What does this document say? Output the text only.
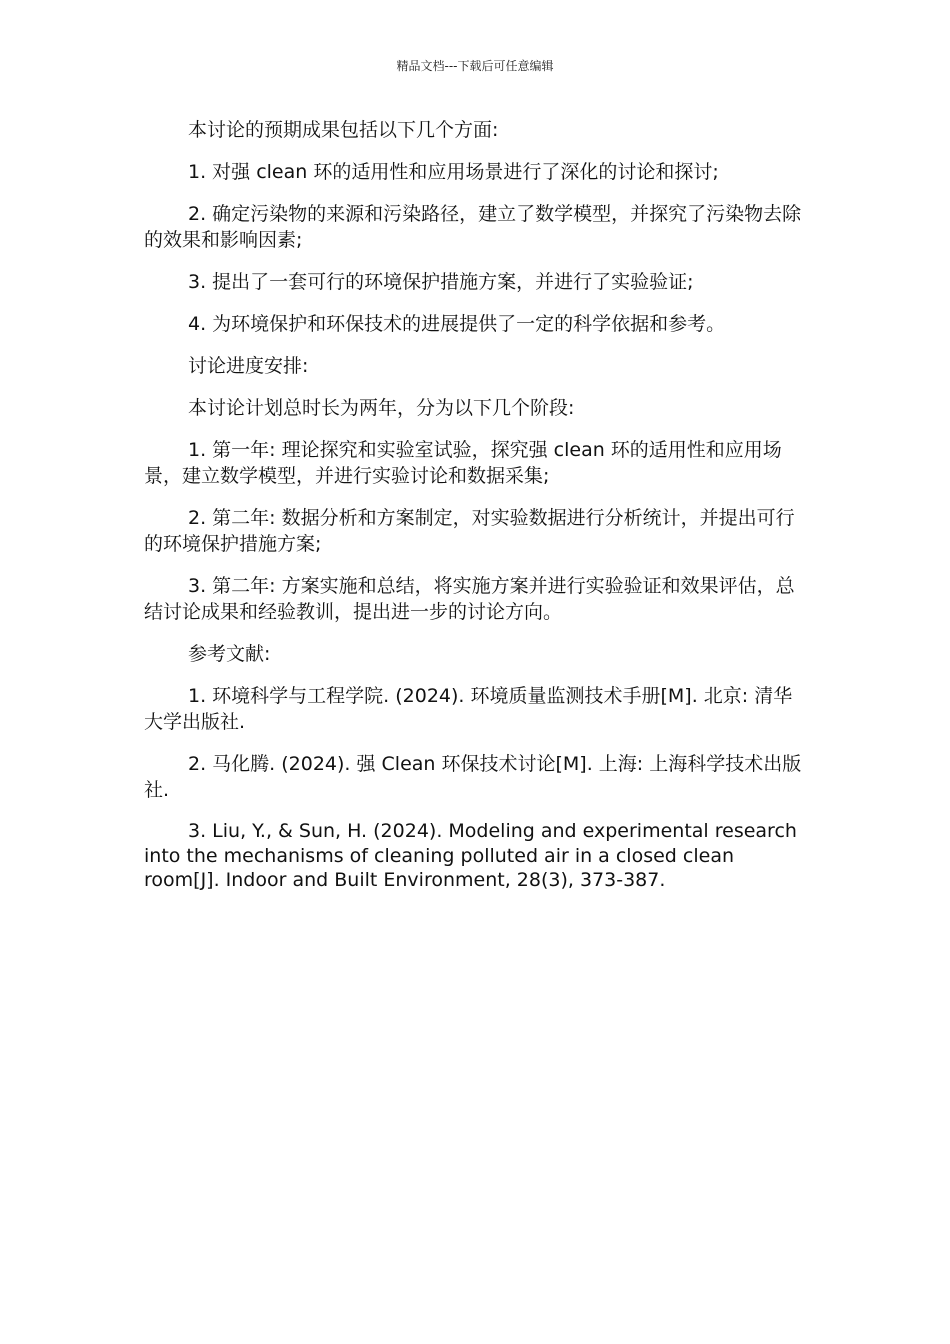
精品文档---下载后可任意编辑

本讨论的预期成果包括以下几个方面:

1. 对强 clean 环的适用性和应用场景进行了深化的讨论和探讨;

2. 确定污染物的来源和污染路径，建立了数学模型，并探究了污染物去除的效果和影响因素;

3. 提出了一套可行的环境保护措施方案，并进行了实验验证;

4. 为环境保护和环保技术的进展提供了一定的科学依据和参考。

讨论进度安排:

本讨论计划总时长为两年，分为以下几个阶段:

1. 第一年: 理论探究和实验室试验，探究强 clean 环的适用性和应用场景，建立数学模型，并进行实验讨论和数据采集;

2. 第二年: 数据分析和方案制定，对实验数据进行分析统计，并提出可行的环境保护措施方案;

3. 第二年: 方案实施和总结，将实施方案并进行实验验证和效果评估，总结讨论成果和经验教训，提出进一步的讨论方向。

参考文献:

1. 环境科学与工程学院. (2024). 环境质量监测技术手册[M]. 北京: 清华大学出版社.

2. 马化腾. (2024). 强 Clean 环保技术讨论[M]. 上海: 上海科学技术出版社.

3. Liu, Y., & Sun, H. (2024). Modeling and experimental research into the mechanisms of cleaning polluted air in a closed clean room[J]. Indoor and Built Environment, 28(3), 373-387.
